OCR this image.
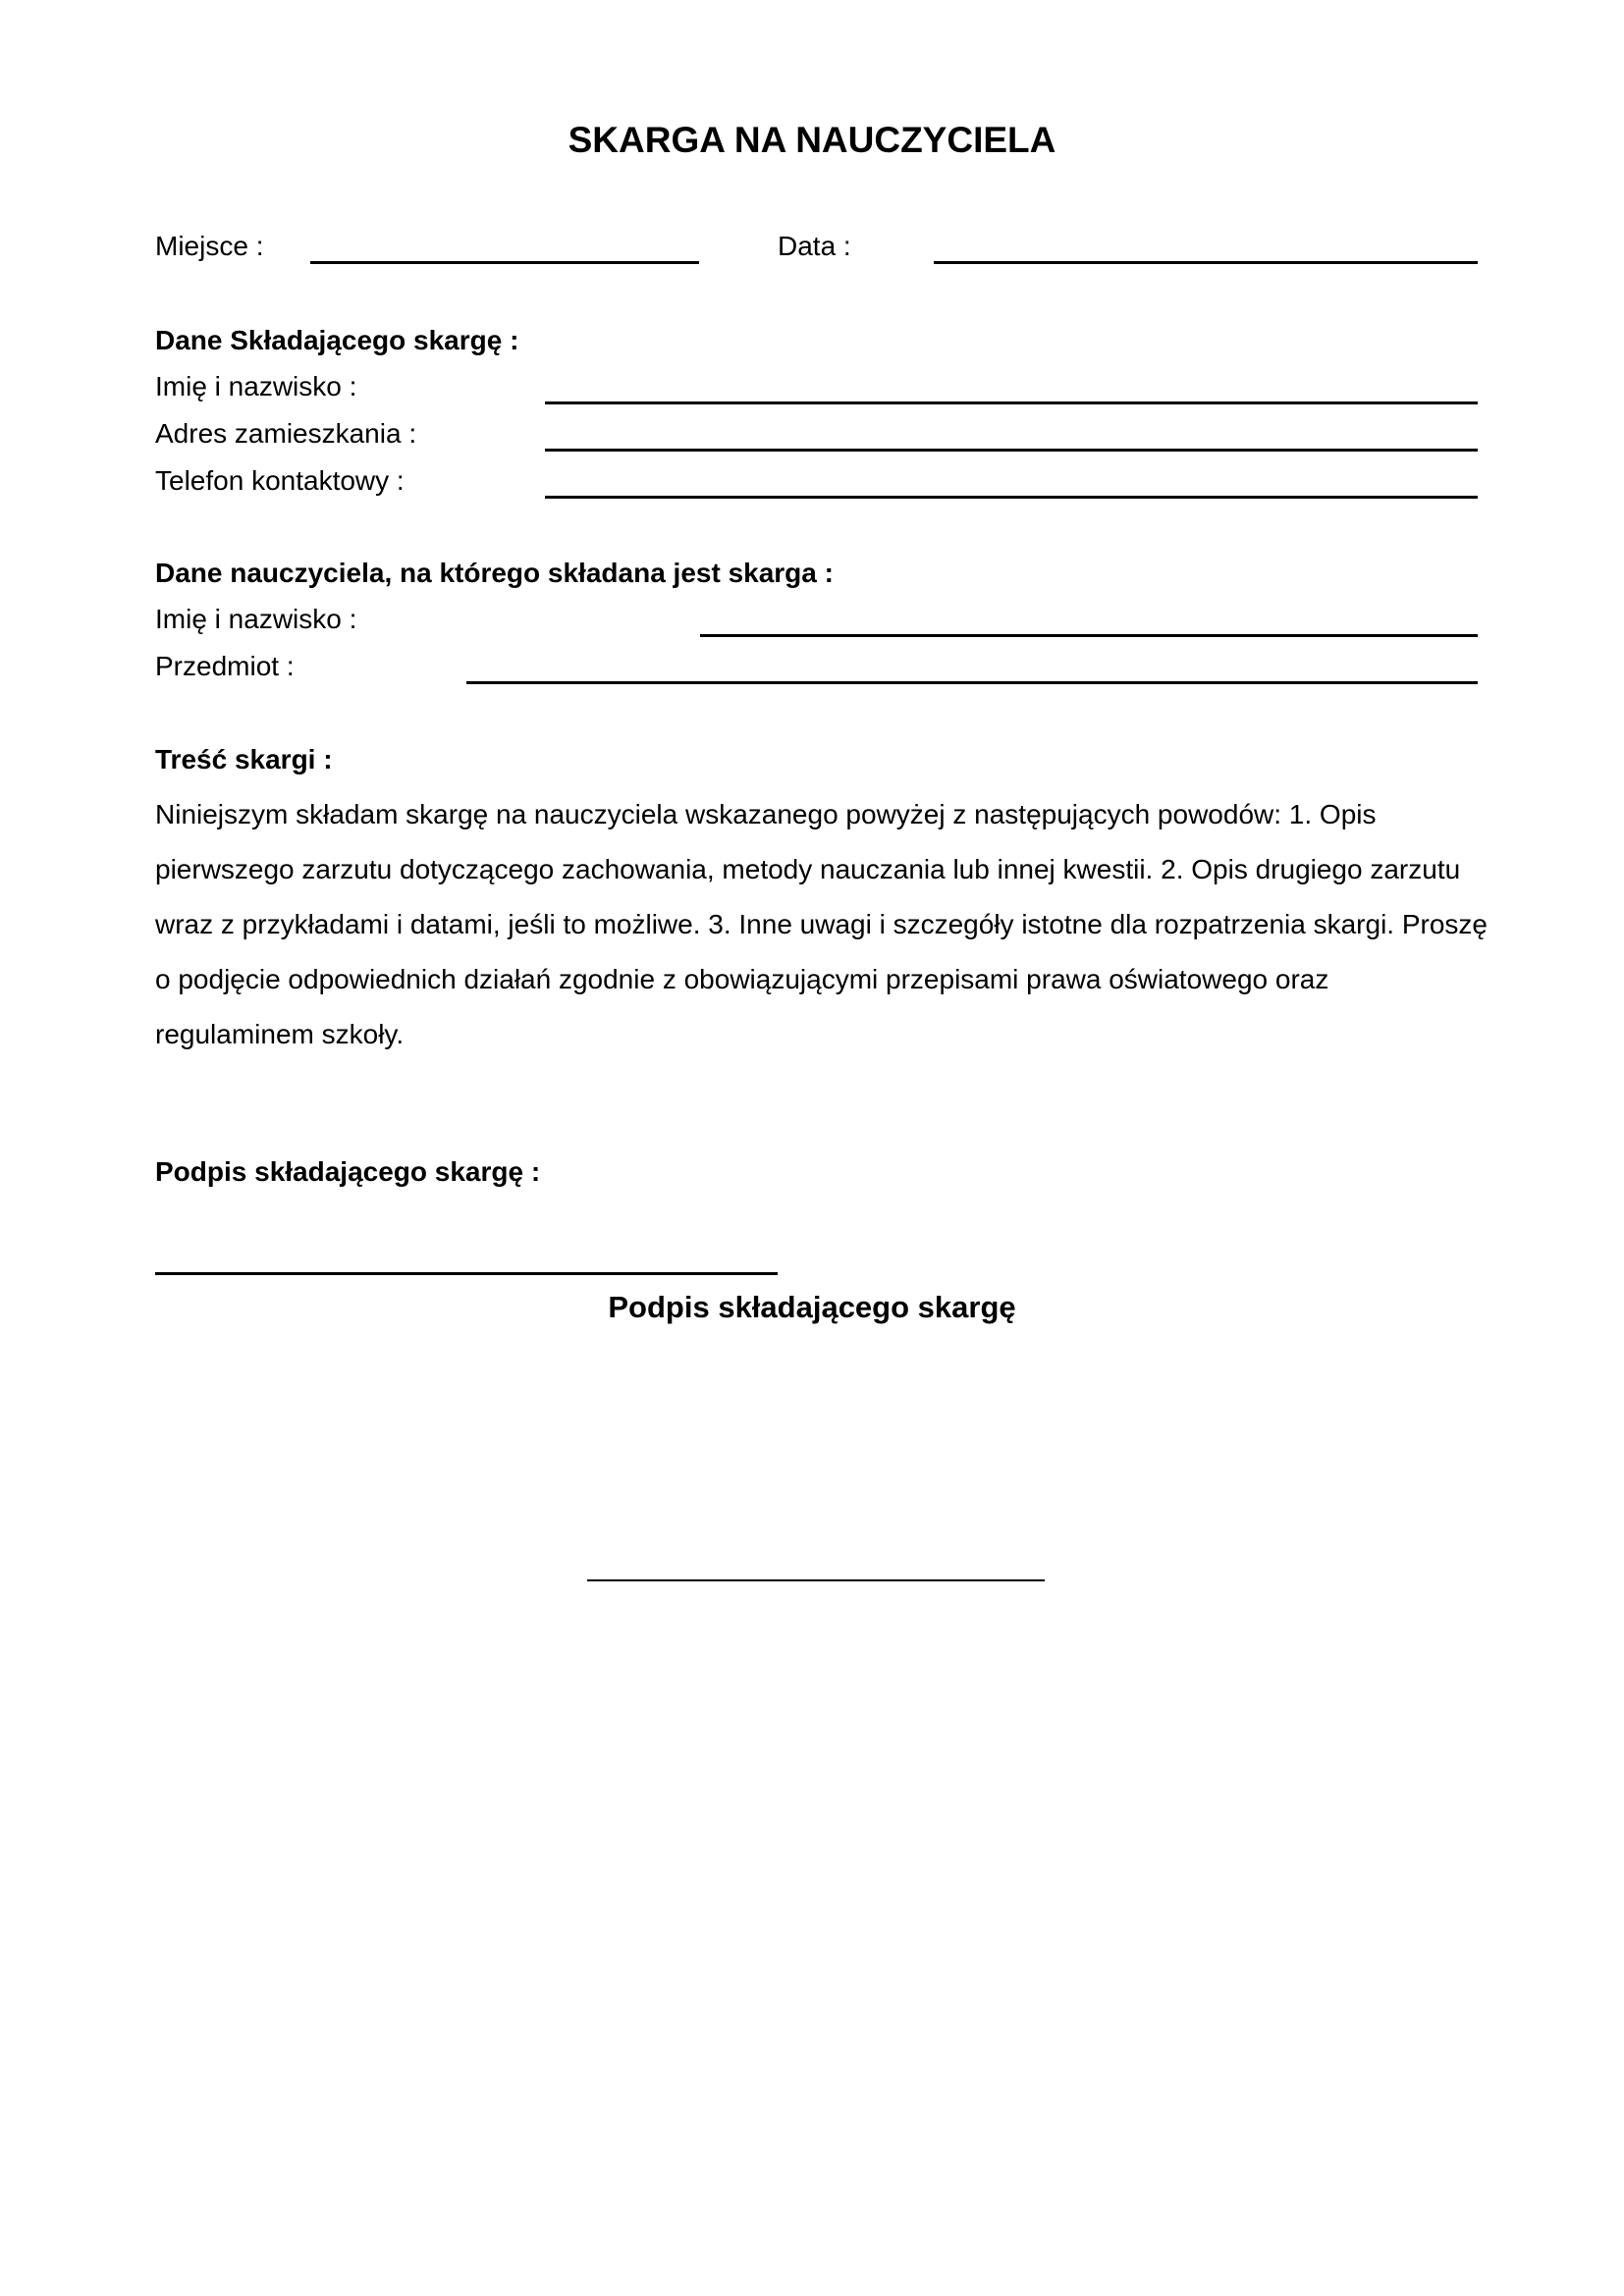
SKARGA NA NAUCZYCIELA
Miejsce :	Data :
Dane Składającego skargę :
Imię i nazwisko :
Adres zamieszkania :
Telefon kontaktowy :
Dane nauczyciela, na którego składana jest skarga :
Imię i nazwisko :
Przedmiot :
Treść skargi :
Niniejszym składam skargę na nauczyciela wskazanego powyżej z następujących powodów: 1. Opis pierwszego zarzutu dotyczącego zachowania, metody nauczania lub innej kwestii. 2. Opis drugiego zarzutu wraz z przykładami i datami, jeśli to możliwe. 3. Inne uwagi i szczegóły istotne dla rozpatrzenia skargi. Proszę o podjęcie odpowiednich działań zgodnie z obowiązującymi przepisami prawa oświatowego oraz regulaminem szkoły.
Podpis składającego skargę :
Podpis składającego skargę
